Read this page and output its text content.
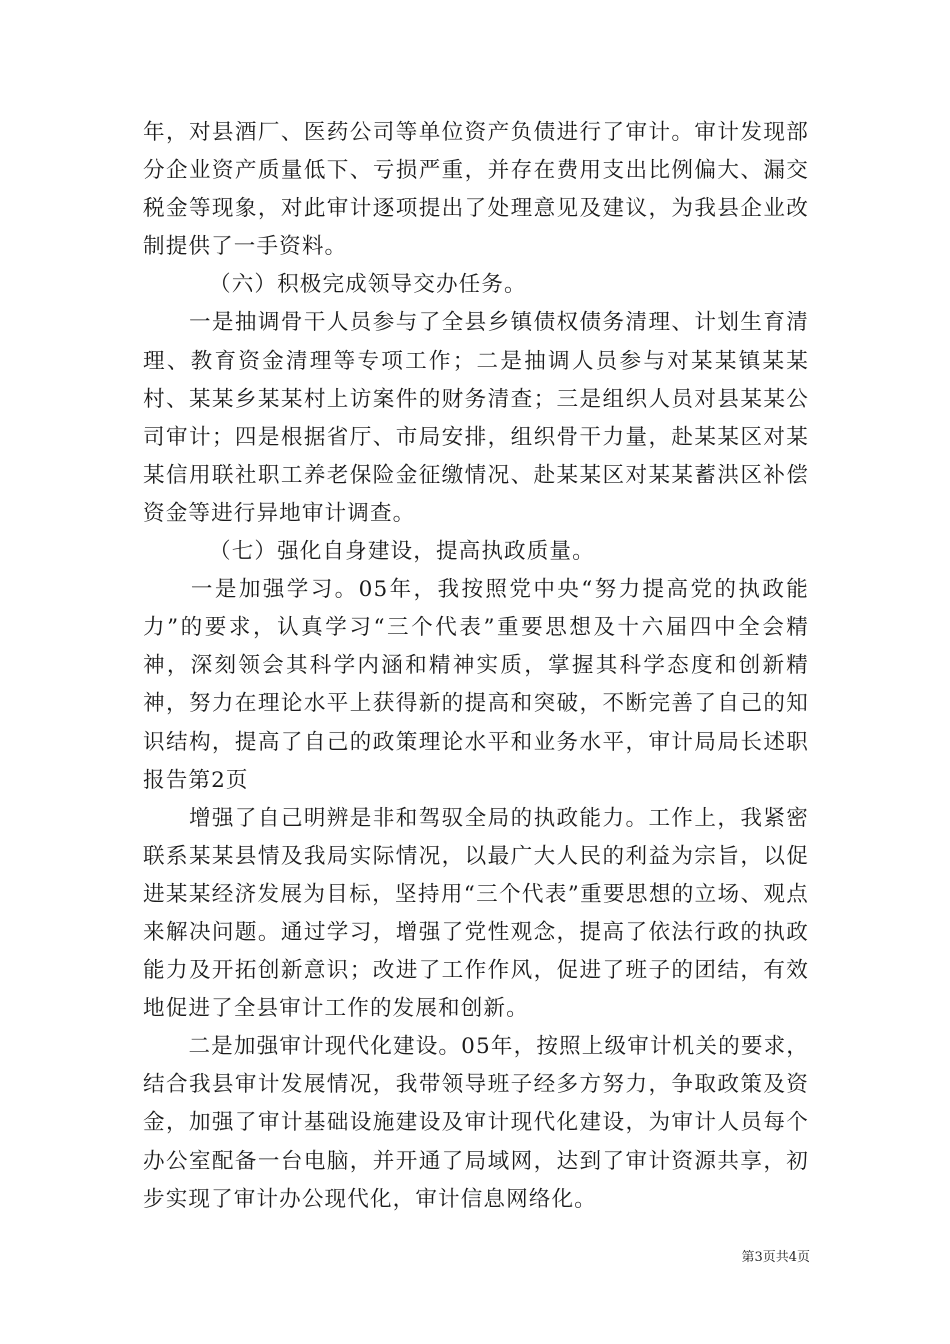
年，对县酒厂、医药公司等单位资产负债进行了审计。审计发现部分企业资产质量低下、亏损严重，并存在费用支出比例偏大、漏交税金等现象，对此审计逐项提出了处理意见及建议，为我县企业改制提供了一手资料。

（六）积极完成领导交办任务。

　　一是抽调骨干人员参与了全县乡镇债权债务清理、计划生育清理、教育资金清理等专项工作；二是抽调人员参与对某某镇某某村、某某乡某某村上访案件的财务清查；三是组织人员对县某某公司审计；四是根据省厅、市局安排，组织骨干力量，赴某某区对某某信用联社职工养老保险金征缴情况、赴某某区对某某蓄洪区补偿资金等进行异地审计调查。

（七）强化自身建设，提高执政质量。

　　一是加强学习。05年，我按照党中央“努力提高党的执政能力”的要求，认真学习“三个代表”重要思想及十六届四中全会精神，深刻领会其科学内涵和精神实质，掌握其科学态度和创新精神，努力在理论水平上获得新的提高和突破，不断完善了自己的知识结构，提高了自己的政策理论水平和业务水平，审计局局长述职报告第2页

　　增强了自己明辨是非和驾驭全局的执政能力。工作上，我紧密联系某某县情及我局实际情况，以最广大人民的利益为宗旨，以促进某某经济发展为目标，坚持用“三个代表”重要思想的立场、观点来解决问题。通过学习，增强了党性观念，提高了依法行政的执政能力及开拓创新意识；改进了工作作风，促进了班子的团结，有效地促进了全县审计工作的发展和创新。

　　二是加强审计现代化建设。05年，按照上级审计机关的要求，结合我县审计发展情况，我带领导班子经多方努力，争取政策及资金，加强了审计基础设施建设及审计现代化建设，为审计人员每个办公室配备一台电脑，并开通了局域网，达到了审计资源共享，初步实现了审计办公现代化，审计信息网络化。

第3页共4页
